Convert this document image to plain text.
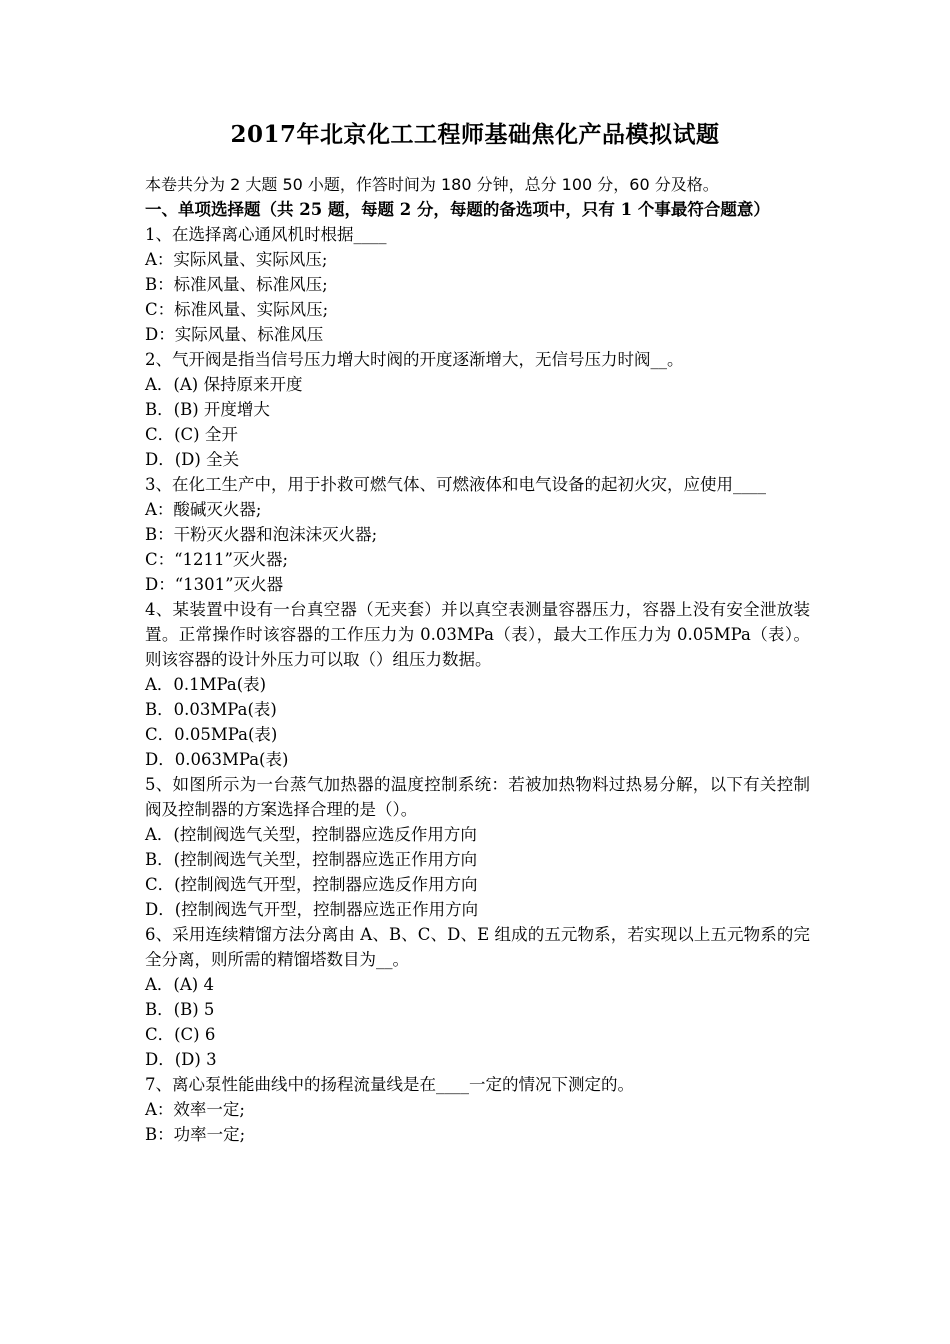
2017年北京化工工程师基础焦化产品模拟试题
本卷共分为 2 大题 50 小题，作答时间为 180 分钟，总分 100 分，60 分及格。
一、单项选择题（共 25 题，每题 2 分，每题的备选项中，只有 1 个事最符合题意）
1、在选择离心通风机时根据____
A：实际风量、实际风压;
B：标准风量、标准风压;
C：标准风量、实际风压;
D：实际风量、标准风压
2、气开阀是指当信号压力增大时阀的开度逐渐增大，无信号压力时阀__。
A．(A) 保持原来开度
B．(B) 开度增大
C．(C) 全开
D．(D) 全关
3、在化工生产中，用于扑救可燃气体、可燃液体和电气设备的起初火灾，应使用____
A：酸碱灭火器;
B：干粉灭火器和泡沫沫灭火器;
C：“1211”灭火器;
D：“1301”灭火器
4、某装置中设有一台真空器（无夹套）并以真空表测量容器压力，容器上没有安全泄放装置。正常操作时该容器的工作压力为 0.03MPa（表），最大工作压力为 0.05MPa（表）。则该容器的设计外压力可以取（）组压力数据。
A．0.1MPa(表)
B．0.03MPa(表)
C．0.05MPa(表)
D．0.063MPa(表)
5、如图所示为一台蒸气加热器的温度控制系统：若被加热物料过热易分解，以下有关控制阀及控制器的方案选择合理的是（）。
A．(控制阀选气关型，控制器应选反作用方向
B．(控制阀选气关型，控制器应选正作用方向
C．(控制阀选气开型，控制器应选反作用方向
D．(控制阀选气开型，控制器应选正作用方向
6、采用连续精馏方法分离由 A、B、C、D、E 组成的五元物系，若实现以上五元物系的完全分离，则所需的精馏塔数目为__。
A．(A) 4
B．(B) 5
C．(C) 6
D．(D) 3
7、离心泵性能曲线中的扬程流量线是在____一定的情况下测定的。
A：效率一定;
B：功率一定;
